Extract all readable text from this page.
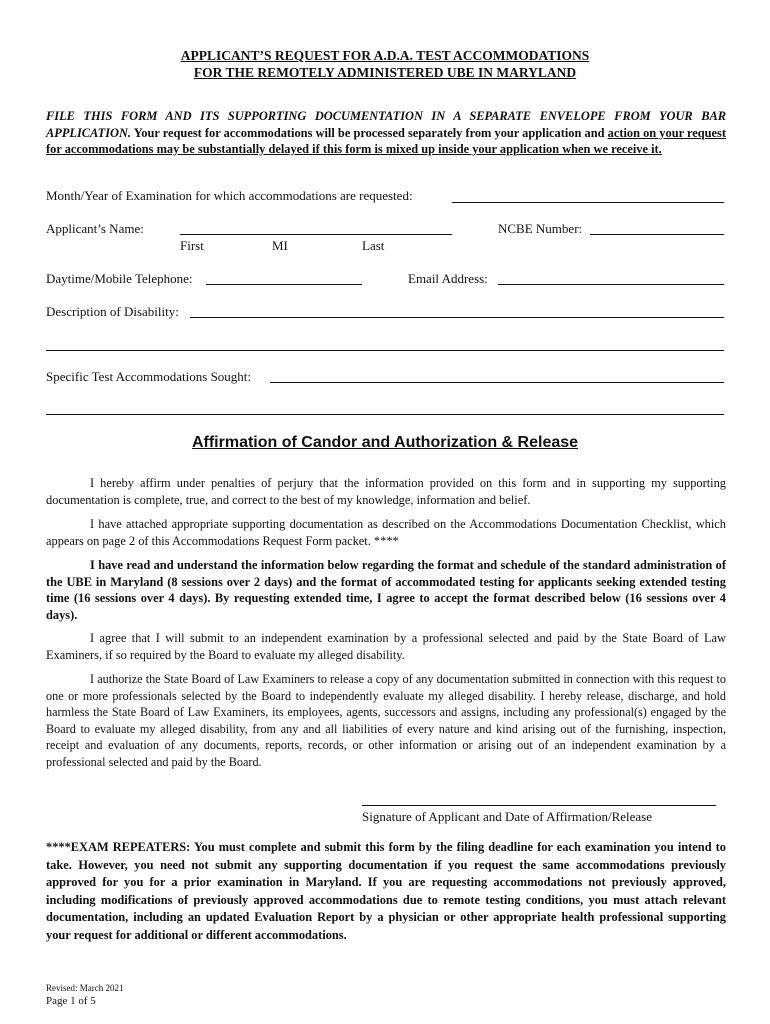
APPLICANT’S REQUEST FOR A.D.A. TEST ACCOMMODATIONS
FOR THE REMOTELY ADMINISTERED UBE IN MARYLAND
FILE THIS FORM AND ITS SUPPORTING DOCUMENTATION IN A SEPARATE ENVELOPE FROM YOUR BAR APPLICATION. Your request for accommodations will be processed separately from your application and action on your request for accommodations may be substantially delayed if this form is mixed up inside your application when we receive it.
Month/Year of Examination for which accommodations are requested:
Applicant’s Name:	NCBE Number:
First	MI	Last
Daytime/Mobile Telephone:	Email Address:
Description of Disability:
Specific Test Accommodations Sought:
Affirmation of Candor and Authorization & Release
I hereby affirm under penalties of perjury that the information provided on this form and in supporting my supporting documentation is complete, true, and correct to the best of my knowledge, information and belief.
I have attached appropriate supporting documentation as described on the Accommodations Documentation Checklist, which appears on page 2 of this Accommodations Request Form packet. ****
I have read and understand the information below regarding the format and schedule of the standard administration of the UBE in Maryland (8 sessions over 2 days) and the format of accommodated testing for applicants seeking extended testing time (16 sessions over 4 days). By requesting extended time, I agree to accept the format described below (16 sessions over 4 days).
I agree that I will submit to an independent examination by a professional selected and paid by the State Board of Law Examiners, if so required by the Board to evaluate my alleged disability.
I authorize the State Board of Law Examiners to release a copy of any documentation submitted in connection with this request to one or more professionals selected by the Board to independently evaluate my alleged disability. I hereby release, discharge, and hold harmless the State Board of Law Examiners, its employees, agents, successors and assigns, including any professional(s) engaged by the Board to evaluate my alleged disability, from any and all liabilities of every nature and kind arising out of the furnishing, inspection, receipt and evaluation of any documents, reports, records, or other information or arising out of an independent examination by a professional selected and paid by the Board.
Signature of Applicant and Date of Affirmation/Release
****EXAM REPEATERS: You must complete and submit this form by the filing deadline for each examination you intend to take. However, you need not submit any supporting documentation if you request the same accommodations previously approved for you for a prior examination in Maryland. If you are requesting accommodations not previously approved, including modifications of previously approved accommodations due to remote testing conditions, you must attach relevant documentation, including an updated Evaluation Report by a physician or other appropriate health professional supporting your request for additional or different accommodations.
Revised: March 2021
Page 1 of 5
